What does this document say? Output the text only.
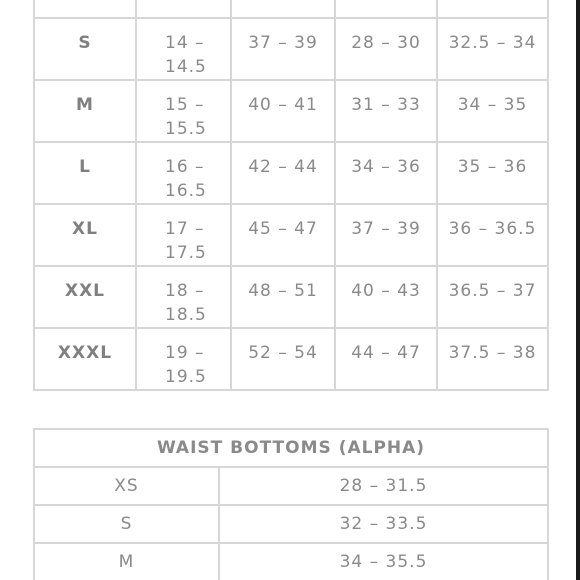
S	14 – 14.5	37 – 39	28 – 30	32.5 – 34

M	15 – 15.5	40 – 41	31 – 33	34 – 35

L	16 – 16.5	42 – 44	34 – 36	35 – 36

XL	17 – 17.5	45 – 47	37 – 39	36 – 36.5

XXL	18 – 18.5	48 – 51	40 – 43	36.5 – 37

XXXL	19 – 19.5	52 – 54	44 – 47	37.5 – 38
WAIST BOTTOMS (ALPHA)	
XS	28 – 31.5
S	32 – 33.5
M	34 – 35.5
